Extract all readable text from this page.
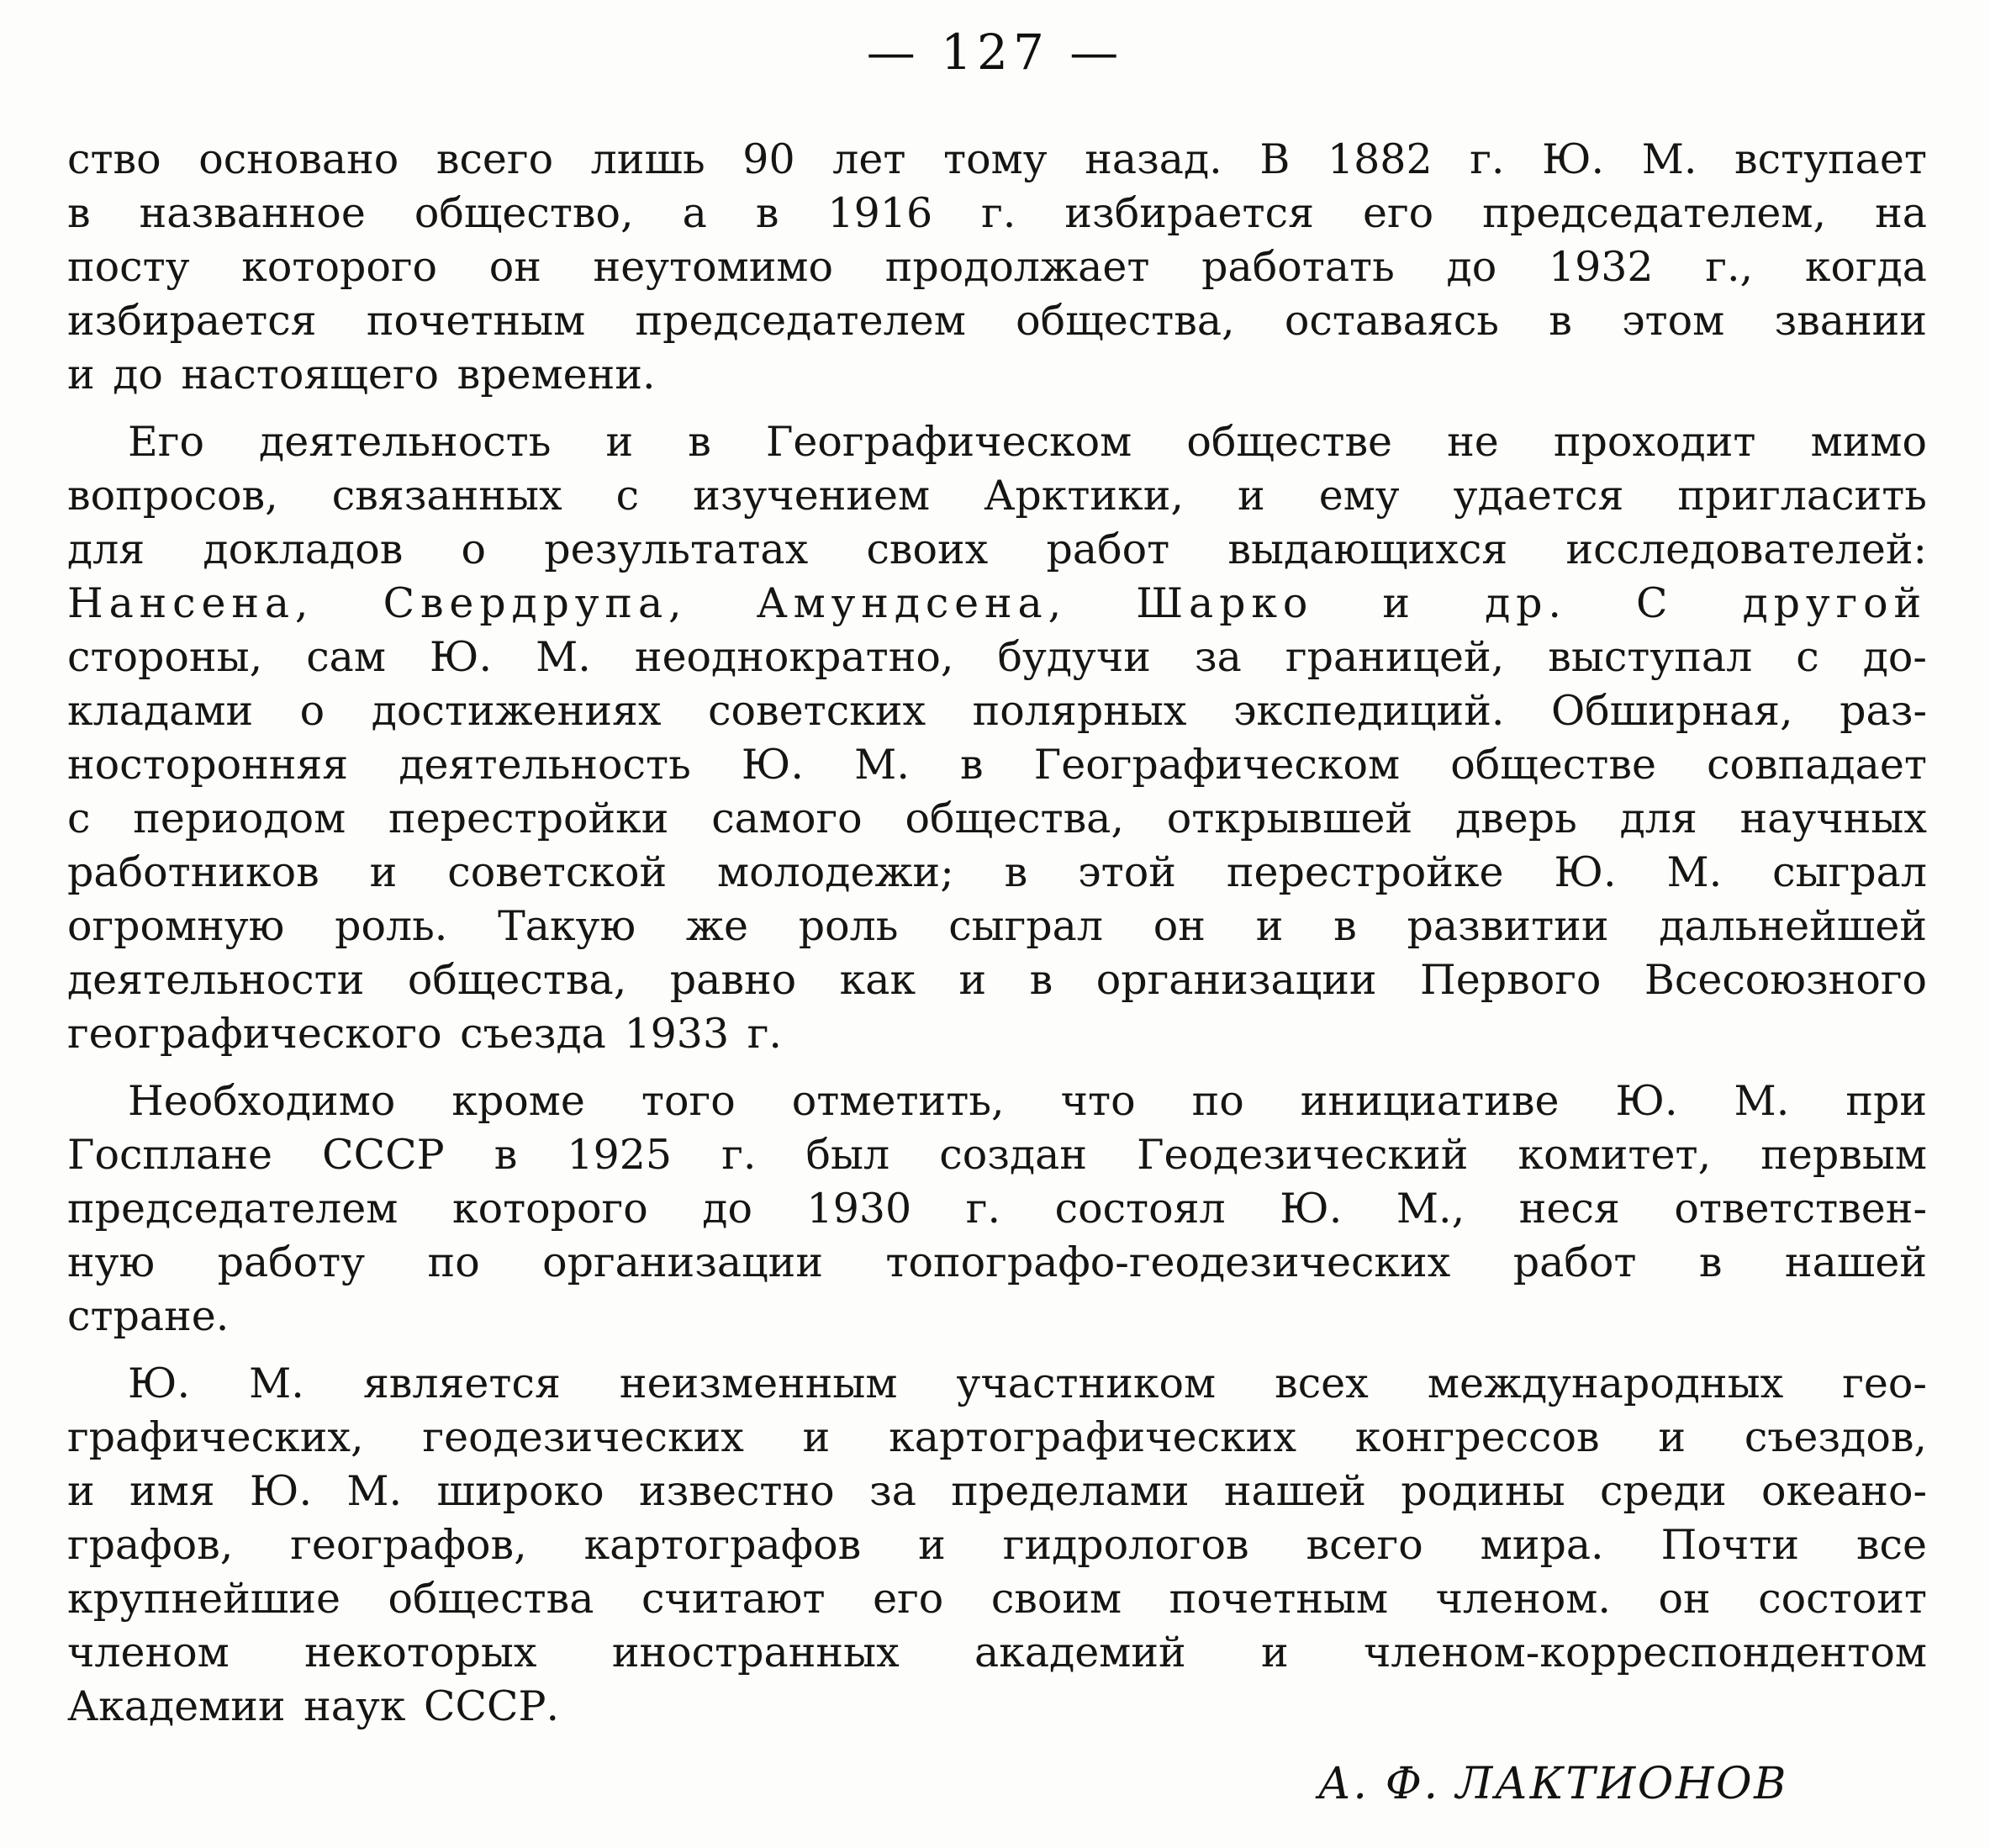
— 127 —
ство основано всего лишь 90 лет тому назад. В 1882 г. Ю. М. вступает
в названное общество, а в 1916 г. избирается его председателем, на
посту которого он неутомимо продолжает работать до 1932 г., когда
избирается почетным председателем общества, оставаясь в этом звании
и до настоящего времени.
Его деятельность и в Географическом обществе не проходит мимо
вопросов, связанных с изучением Арктики, и ему удается пригласить
для докладов о результатах своих работ выдающихся исследователей:
Нансена, Свердрупа, Амундсена, Шарко и др. С другой
стороны, сам Ю. М. неоднократно, будучи за границей, выступал с до-
кладами о достижениях советских полярных экспедиций. Обширная, раз-
носторонняя деятельность Ю. М. в Географическом обществе совпадает
с периодом перестройки самого общества, открывшей дверь для научных
работников и советской молодежи; в этой перестройке Ю. М. сыграл
огромную роль. Такую же роль сыграл он и в развитии дальнейшей
деятельности общества, равно как и в организации Первого Всесоюзного
географического съезда 1933 г.
Необходимо кроме того отметить, что по инициативе Ю. М. при
Госплане СССР в 1925 г. был создан Геодезический комитет, первым
председателем которого до 1930 г. состоял Ю. М., неся ответствен-
ную работу по организации топографо-геодезических работ в нашей
стране.
Ю. М. является неизменным участником всех международных гео-
графических, геодезических и картографических конгрессов и съездов,
и имя Ю. М. широко известно за пределами нашей родины среди океано-
графов, географов, картографов и гидрологов всего мира. Почти все
крупнейшие общества считают его своим почетным членом. он состоит
членом некоторых иностранных академий и членом-корреспондентом
Академии наук СССР.
А. Ф. ЛАКТИОНОВ
